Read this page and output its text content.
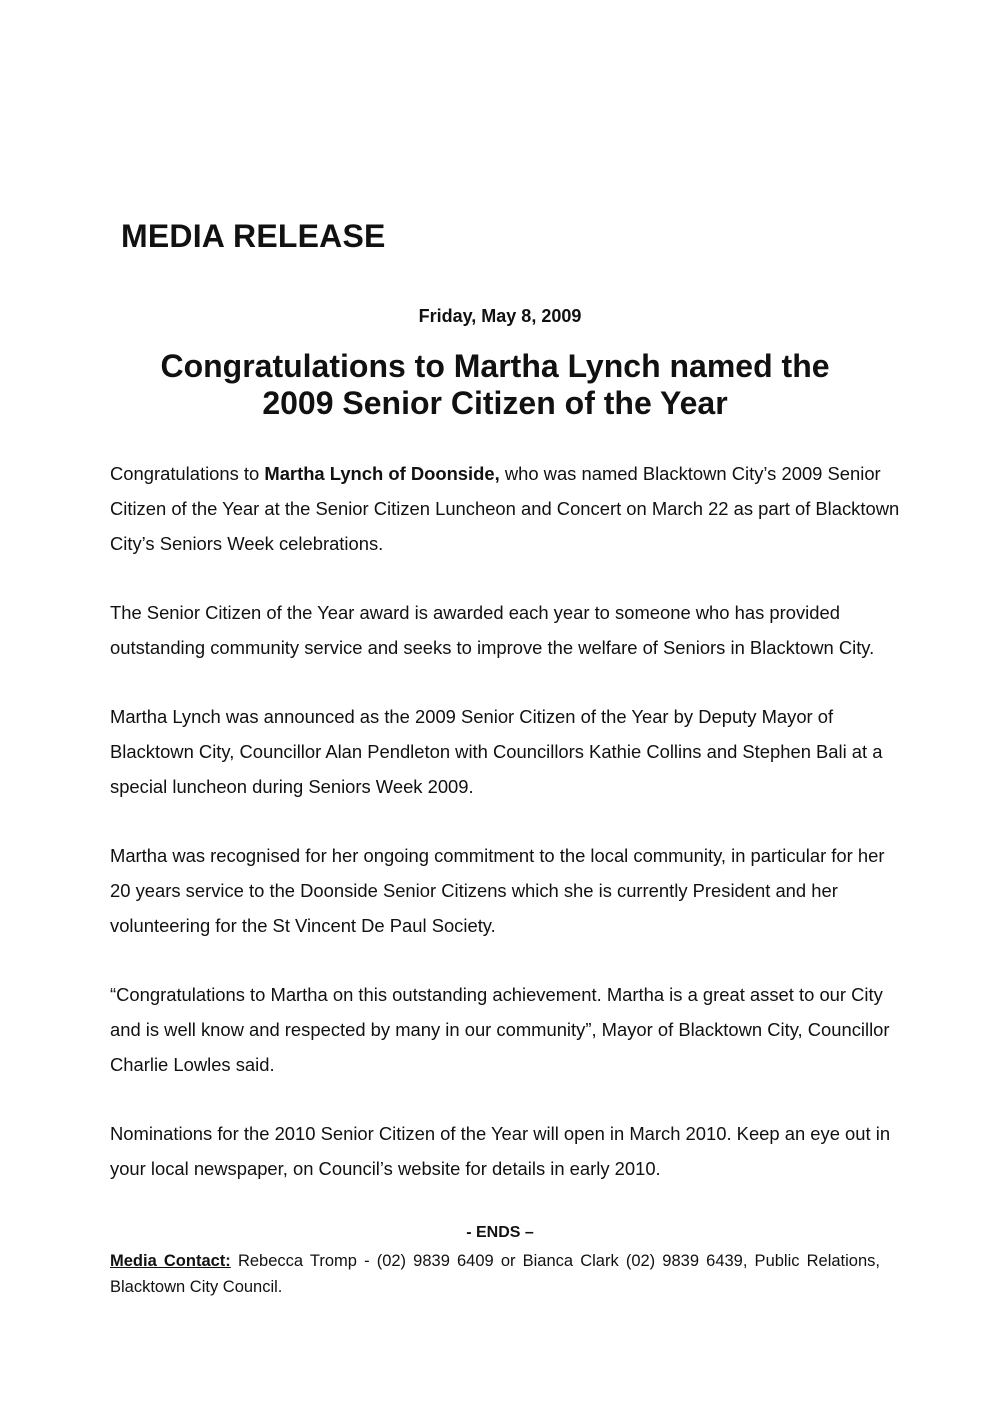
MEDIA RELEASE
Friday, May 8, 2009
Congratulations to Martha Lynch named the
2009 Senior Citizen of the Year

Congratulations to Martha Lynch of Doonside, who was named Blacktown City’s 2009 Senior Citizen of the Year at the Senior Citizen Luncheon and Concert on March 22 as part of Blacktown City’s Seniors Week celebrations.

The Senior Citizen of the Year award is awarded each year to someone who has provided outstanding community service and seeks to improve the welfare of Seniors in Blacktown City.

Martha Lynch was announced as the 2009 Senior Citizen of the Year by Deputy Mayor of Blacktown City, Councillor Alan Pendleton with Councillors Kathie Collins and Stephen Bali at a special luncheon during Seniors Week 2009.

Martha was recognised for her ongoing commitment to the local community, in particular for her 20 years service to the Doonside Senior Citizens which she is currently President and her volunteering for the St Vincent De Paul Society.

“Congratulations to Martha on this outstanding achievement. Martha is a great asset to our City and is well know and respected by many in our community”, Mayor of Blacktown City, Councillor Charlie Lowles said.

Nominations for the 2010 Senior Citizen of the Year will open in March 2010. Keep an eye out in your local newspaper, on Council’s website for details in early 2010.

- ENDS –
Media Contact: Rebecca Tromp - (02) 9839 6409 or Bianca Clark (02) 9839 6439, Public Relations, Blacktown City Council.
